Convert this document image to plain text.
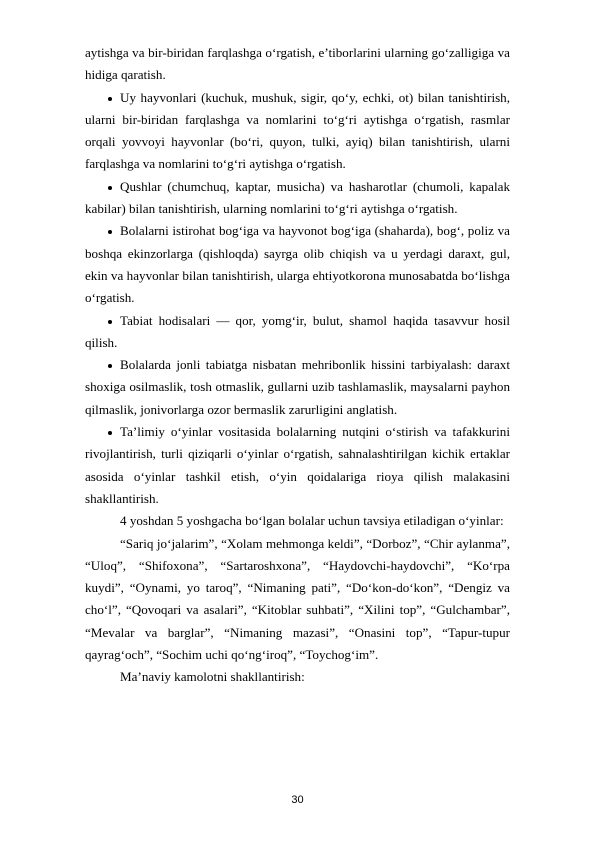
aytishga va bir-biridan farqlashga o‘rgatish, e’tiborlarini ularning go‘zalligiga va hidiga qaratish.

Uy hayvonlari (kuchuk, mushuk, sigir, qo‘y, echki, ot) bilan tanishtirish, ularni bir-biridan farqlashga va nomlarini to‘g‘ri aytishga o‘rgatish, rasmlar orqali yovvoyi hayvonlar (bo‘ri, quyon, tulki, ayiq) bilan tanishtirish, ularni farqlashga va nomlarini to‘g‘ri aytishga o‘rgatish.

Qushlar (chumchuq, kaptar, musicha) va hasharotlar (chumoli, kapalak kabilar) bilan tanishtirish, ularning nomlarini to‘g‘ri aytishga o‘rgatish.

Bolalarni istirohat bog‘iga va hayvonot bog‘iga (shaharda), bog‘, poliz va boshqa ekinzorlarga (qishloqda) sayrga olib chiqish va u yerdagi daraxt, gul, ekin va hayvonlar bilan tanishtirish, ularga ehtiyotkorona munosabatda bo‘lishga o‘rgatish.

Tabiat hodisalari — qor, yomg‘ir, bulut, shamol haqida tasavvur hosil qilish.

Bolalarda jonli tabiatga nisbatan mehribonlik hissini tarbiyalash: daraxt shoxiga osilmaslik, tosh otmaslik, gullarni uzib tashlamaslik, maysalarni payhon qilmaslik, jonivorlarga ozor bermaslik zarurligini anglatish.

Ta’limiy o‘yinlar vositasida bolalarning nutqini o‘stirish va tafakkurini rivojlantirish, turli qiziqarli o‘yinlar o‘rgatish, sahnalashtirilgan kichik ertaklar asosida o‘yinlar tashkil etish, o‘yin qoidalariga rioya qilish malakasini shakllantirish.

4 yoshdan 5 yoshgacha bo‘lgan bolalar uchun tavsiya etiladigan o‘yinlar:

“Sariq jo‘jalarim”, “Xolam mehmonga keldi”, “Dorboz”, “Chir aylanma”, “Uloq”, “Shifoxona”, “Sartaroshxona”, “Haydovchi-haydovchi”, “Ko‘rpa kuydi”, “Oynami, yo taroq”, “Nimaning pati”, “Do‘kon-do‘kon”, “Dengiz va cho‘l”, “Qovoqari va asalari”, “Kitoblar suhbati”, “Xilini top”, “Gulchambar”, “Mevalar va barglar”, “Nimaning mazasi”, “Onasini top”, “Tapur-tupur qayrag‘och”, “Sochim uchi qo‘ng‘iroq”, “Toychog‘im”.

Ma’naviy kamolotni shakllantirish:

30
